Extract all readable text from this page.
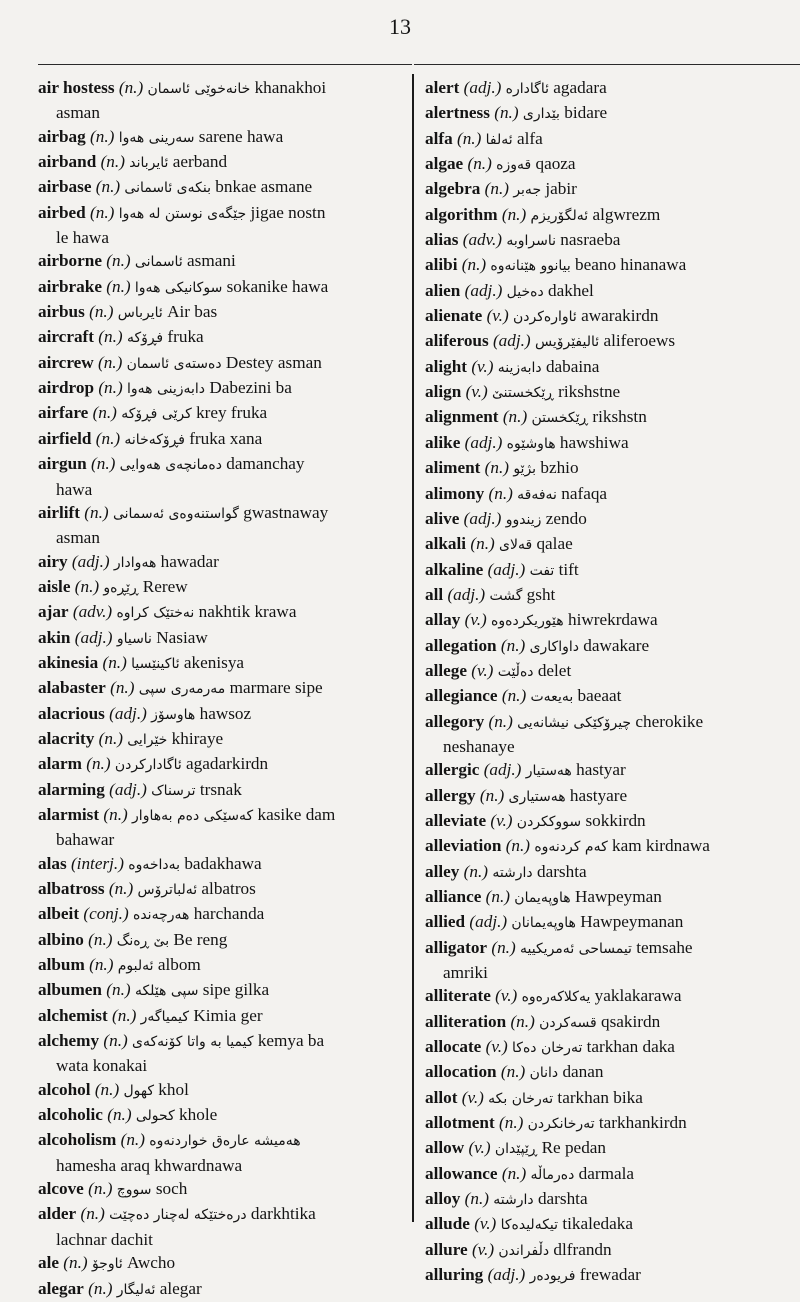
13
air hostess (n.) خانەخوێی ئاسمان khanakhoi
asman
airbag (n.) سەرینی هەوا sarene hawa
airband (n.) ئایرباند aerband
airbase (n.) بنکەی ئاسمانی bnkae asmane
airbed (n.) جێگەی نوستن لە هەوا jigae nostn
le hawa
airborne (n.) ئاسمانی asmani
airbrake (n.) سوکانیکی هەوا sokanike hawa
airbus (n.) ئایرباس Air bas
aircraft (n.) فڕۆکە fruka
aircrew (n.) دەستەی ئاسمان Destey asman
airdrop (n.) دابەزینی هەوا Dabezini ba
airfare (n.) کرێی فڕۆکە krey fruka
airfield (n.) فڕۆکەخانە fruka xana
airgun (n.) دەمانچەی هەوایی damanchay
hawa
airlift (n.) گواستنەوەی ئەسمانی gwastnaway
asman
airy (adj.) هەوادار hawadar
aisle (n.) ڕێڕەو Rerew
ajar (adv.) نەختێک کراوە nakhtik krawa
akin (adj.) ناسیاو Nasiaw
akinesia (n.) ئاکینێسیا akenisya
alabaster (n.) مەرمەری سپی marmare sipe
alacrious (adj.) هاوسۆز hawsoz
alacrity (n.) خێرایی khiraye
alarm (n.) ئاگادارکردن agadarkirdn
alarming (adj.) ترسناک trsnak
alarmist (n.) کەسێکی دەم بەهاوار kasike dam
bahawar
alas (interj.) بەداخەوە badakhawa
albatross (n.) ئەلباترۆس albatros
albeit (conj.) هەرچەندە harchanda
albino (n.) بێ ڕەنگ Be reng
album (n.) ئەلبوم albom
albumen (n.) سپی هێلکە sipe gilka
alchemist (n.) کیمیاگەر Kimia ger
alchemy (n.) کیمیا بە واتا کۆنەکەی kemya ba
wata konakai
alcohol (n.) کهول khol
alcoholic (n.) کحولی khole
alcoholism (n.) هەمیشە عارەق خواردنەوە
hamesha araq khwardnawa
alcove (n.) سووچ soch
alder (n.) درەختێکە لەچنار دەچێت darkhtika
lachnar dachit
ale (n.) ئاوجۆ Awcho
alegar (n.) ئەلیگار alegar
alert (adj.) ئاگادارە agadara
alertness (n.) بێداری bidare
alfa (n.) ئەلفا alfa
algae (n.) قەوزە qaoza
algebra (n.) جەبر jabir
algorithm (n.) ئەلگۆریزم algwrezm
alias (adv.) ناسراوبە nasraeba
alibi (n.) بیانوو هێنانەوە beano hinanawa
alien (adj.) دەخیل dakhel
alienate (v.) ئاوارەکردن awarakirdn
aliferous (adj.) ئالیفێرۆیس aliferoews
alight (v.) دابەزینە dabaina
align (v.) ڕێکخستنێ rikshstne
alignment (n.) ڕێکخستن rikshstn
alike (adj.) هاوشێوە hawshiwa
aliment (n.) بژێو bzhio
alimony (n.) نەفەقە nafaqa
alive (adj.) زیندوو zendo
alkali (n.) قەلای qalae
alkaline (adj.) تفت tift
all (adj.) گشت gsht
allay (v.) هێوریکردەوە hiwrekrdawa
allegation (n.) داواکاری dawakare
allege (v.) دەڵێت delet
allegiance (n.) بەیعەت baeaat
allegory (n.) چیرۆکێکی نیشانەیی cherokike
neshanaye
allergic (adj.) هەستیار hastyar
allergy (n.) هەستیاری hastyare
alleviate (v.) سووککردن sokkirdn
alleviation (n.) کەم کردنەوە kam kirdnawa
alley (n.) دارشتە darshta
alliance (n.) هاوپەیمان Hawpeyman
allied (adj.) هاوپەیمانان Hawpeymanan
alligator (n.) تیمساحی ئەمریکییە temsahe
amriki
alliterate (v.) یەکلاکەرەوە yaklakarawa
alliteration (n.) قسەکردن qsakirdn
allocate (v.) تەرخان دەکا tarkhan daka
allocation (n.) دانان danan
allot (v.) تەرخان بکە tarkhan bika
allotment (n.) تەرخانکردن tarkhankirdn
allow (v.) ڕێپێدان Re pedan
allowance (n.) دەرماڵە darmala
alloy (n.) دارشتە darshta
allude (v.) تیکەلیدەکا tikaledaka
allure (v.) دڵفراندن dlfrandn
alluring (adj.) فریودەر frewadar
